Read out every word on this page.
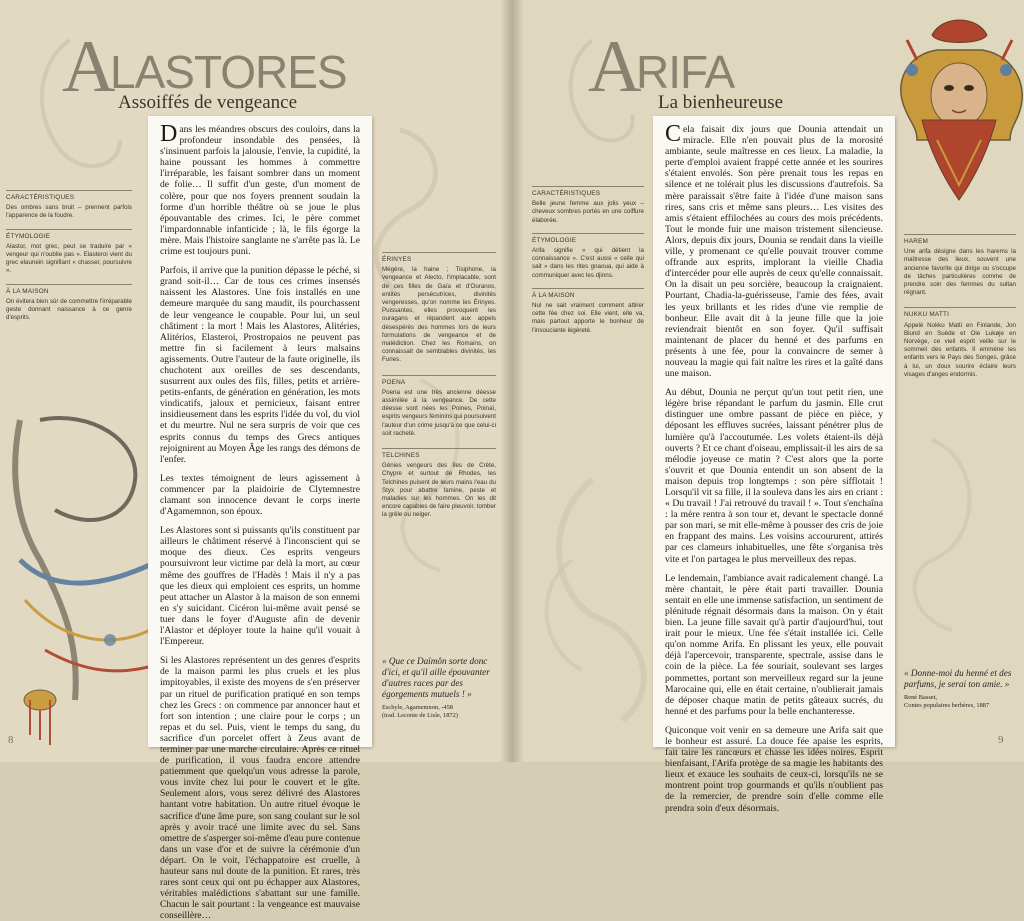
A
LASTORES
Assoiffés de vengeance
CARACTÉRISTIQUES
Des ombres sans bruit – prennent parfois l'apparence de la foudre.
ÉTYMOLOGIE
Alastor, mot grec, peut se traduire par « vengeur qui n'oublie pas ». Elasteroi vient du grec elaunein signifiant « chasser, poursuivre ».
À LA MAISON
On évitera bien sûr de commettre l'irréparable geste donnant naissance à ce genre d'esprits.

Dans les méandres obscurs des couloirs, dans la profondeur insondable des pensées, là s'insinuent parfois la jalousie, l'envie, la cupidité, la haine poussant les hommes à commettre l'irréparable, les faisant sombrer dans un moment de folie… Il suffit d'un geste, d'un moment de colère, pour que nos foyers prennent soudain la forme d'un horrible théâtre où se joue le plus épouvantable des crimes. Ici, le père commet l'impardonnable infanticide ; là, le fils égorge la mère. Mais l'histoire sanglante ne s'arrête pas là. Le crime est toujours puni.

Parfois, il arrive que la punition dépasse le péché, si grand soit-il… Car de tous ces crimes insensés naissent les Alastores. Une fois installés en une demeure marquée du sang maudit, ils pourchassent de leur vengeance le coupable. Pour lui, un seul châtiment : la mort ! Mais les Alastores, Alitéries, Alitérios, Elasteroi, Prostropaios ne peuvent pas mettre fin si facilement à leurs malsains agissements. Outre l'auteur de la faute originelle, ils chuchotent aux oreilles de ses descendants, susurrent aux oules des fils, filles, petits et arrière-petits-enfants, de génération en génération, les mots vindicatifs, jaloux et pernicieux, faisant entrer insidieusement dans les esprits l'idée du vol, du viol et du meurtre. Nul ne sera surpris de voir que ces esprits connus du temps des Grecs antiques rejoignirent au Moyen Âge les rangs des démons de l'enfer.

Les textes témoignent de leurs agissement à commencer par la plaidoirie de Clytemnestre clamant son innocence devant le corps inerte d'Agamemnon, son époux.

Les Alastores sont si puissants qu'ils constituent par ailleurs le châtiment réservé à l'inconscient qui se moque des dieux. Ces esprits vengeurs poursuivront leur victime par delà la mort, au cœur même des gouffres de l'Hadès ! Mais il n'y a pas que les dieux qui emploient ces esprits, un homme peut attacher un Alastor à la maison de son ennemi en s'y suicidant. Cicéron lui-même avait pensé se tuer dans le foyer d'Auguste afin de devenir l'Alastor et déployer toute la haine qu'il vouait à l'Empereur.

Si les Alastores représentent un des genres d'esprits de la maison parmi les plus cruels et les plus impitoyables, il existe des moyens de s'en préserver par un rituel de purification pratiqué en son temps chez les Grecs : on commence par annoncer haut et fort son intention ; une claire pour le corps ; un repas et du sel. Puis, vient le temps du sang, du sacrifice d'un porcelet offert à Zeus avant de terminer par une marche circulaire. Après ce rituel de purification, il vous faudra encore attendre patiemment que quelqu'un vous adresse la parole, vous invite chez lui pour le couvert et le gîte. Seulement alors, vous serez délivré des Alastores hantant votre habitation. Un autre rituel évoque le sacrifice d'une âme pure, son sang coulant sur le sol après y avoir tracé une limite avec du sel. Sans omettre de s'asperger soi-même d'eau pure contenue dans un vase d'or et de suivre la cérémonie d'un départ. On le voit, l'échappatoire est cruelle, à hauteur sans nul doute de la punition. Et rares, très rares sont ceux qui ont pu échapper aux Alastores, véritables malédictions s'abattant sur une famille. Chacun le sait pourtant : la vengeance est mauvaise conseillère…

ÉRINYES
Mégère, la haine ; Tisiphone, la vengeance et Alecto, l'implacable, sont de ces filles de Gaïa et d'Ouranos, entités persécutrices, divinités vengeresses, qu'on nomme les Érinyes. Puissantes, elles provoquent les ouragans et répandent aux appels désespérés des hommes lors de leurs formulations de vengeance et de malédiction. Chez les Romains, on connaissait de semblables divinités, les Furies.
POENA
Poena est une très ancienne déesse assimilée à la vengeance. De cette déesse sont nées les Poines, Poinaï, esprits vengeurs féminins qui poursuivent l'auteur d'un crime jusqu'à ce que celui-ci soit rachetè.
TELCHINES
Génies vengeurs des îles de Crète, Chypre et surtout de Rhodes, les Telchines puisent de leurs mains l'eau du Styx pour abattre famine, peste et maladies sur les hommes. On les dit encore capables de faire pleuvoir, tomber la grêle ou neiger.
« Que ce Daïmôn sorte donc d'ici, et qu'il aille épouvanter d'autres races par des égorgements mutuels ! »
Eschyle, Agamemnon, -458
(trad. Leconte de Lisle, 1872)
8
A
RIFA
La bienheureuse
CARACTÉRISTIQUES
Belle jeune femme aux jolis yeux – cheveux sombres portés en une coiffure élaborée.
ÉTYMOLOGIE
Arifa signifie « qui détient la connaissance ». C'est aussi « celle qui sait » dans les rites gnaoua, qui aide à communiquer avec les djinns.
À LA MAISON
Nul ne sait vraiment comment attirer cette fée chez soi. Elle vient, elle va, mais partout apporte le bonheur de l'insouciante légèreté.

Cela faisait dix jours que Dounia attendait un miracle. Elle n'en pouvait plus de la morosité ambiante, seule maîtresse en ces lieux. La maladie, la perte d'emploi avaient frappé cette année et les sourires s'étaient envolés. Son père prenait tous les repas en silence et ne tolérait plus les discussions d'autrefois. Sa mère paraissait s'être faite à l'idée d'une maison sans rires, sans cris et même sans pleurs… Les visites des amis s'étaient effilochées au cours des mois précédents. Tout le monde fuir une maison tristement silencieuse. Alors, depuis dix jours, Dounia se rendait dans la vieille ville, y promenant ce qu'elle pouvait trouver comme offrande aux esprits, implorant la vieille Chadia d'intercéder pour elle auprès de ceux qu'elle connaissait. On la disait un peu sorcière, beaucoup la craignaient. Pourtant, Chadia-la-guérisseuse, l'amie des fées, avait les yeux brillants et les rides d'une vie remplie de bonheur. Elle avait dit à la jeune fille que la joie reviendrait bientôt en son foyer. Qu'il suffisait maintenant de placer du henné et des parfums en présents à une fée, pour la convaincre de semer à nouveau la magie qui fait naître les rires et la gaîté dans une maison.

Au début, Dounia ne perçut qu'un tout petit rien, une légère brise répandant le parfum du jasmin. Elle crut distinguer une ombre passant de pièce en pièce, y déposant les effluves sucrées, laissant pénétrer plus de lumière qu'à l'accoutumée. Les volets étaient-ils déjà ouverts ? Et ce chant d'oiseau, emplissait-il les airs de sa mélodie joyeuse ce matin ? C'est alors que la porte s'ouvrit et que Dounia entendit un son absent de la maison depuis trop longtemps : son père sifflotait ! Lorsqu'il vit sa fille, il la souleva dans les airs en criant : « Du travail ! J'ai retrouvé du travail ! ». Tout s'enchaîna : la mère rentra à son tour et, devant le spectacle donné par son mari, se mit elle-même à pousser des cris de joie en frappant des mains. Les voisins accoururent, attirés par ces clameurs inhabituelles, une fête s'organisa très vite et l'on partagea le plus merveilleux des repas.

Le lendemain, l'ambiance avait radicalement changé. La mère chantait, le père était parti travailler. Dounia sentait en elle une immense satisfaction, un sentiment de plénitude régnait désormais dans la maison. On y était bien. La jeune fille savait qu'à partir d'aujourd'hui, tout irait pour le mieux. Une fée s'était installée ici. Celle qu'on nomme Arifa. En plissant les yeux, elle pouvait déjà l'apercevoir, transparente, spectrale, assise dans le coin de la pièce. La fée souriait, soulevant ses larges pommettes, portant son merveilleux regard sur la jeune Marocaine qui, elle en était certaine, n'oublierait jamais de déposer chaque matin de petits gâteaux sucrés, du henné et des parfums pour la belle enchanteresse.

Quiconque voit venir en sa demeure une Arifa sait que le bonheur est assuré. La douce fée apaise les esprits, fait taire les rancœurs et chasse les idées noires. Esprit bienfaisant, l'Arifa protège de sa magie les habitants des lieux et exauce les souhaits de ceux-ci, lorsqu'ils ne se montrent point trop gourmands et qu'ils n'oublient pas de la remercier, de prendre soin d'elle comme elle prendra soin d'eux désormais.

HAREM
Une arifa désigne dans les harems la maîtresse des lieux, souvent une ancienne favorite qui dirige ou s'occupe de tâches particulières comme de prendre soin des femmes du sultan régnant.
NUKKU MATTI
Appelé Nokku Matti en Finlande, Jon Blund en Suède et Ole Lukøje en Norvège, ce vieil esprit veille sur le sommeil des enfants. Il emmène les enfants vers le Pays des Songes, grâce à lui, un doux sourire éclaire leurs visages d'anges endormis.
« Donne-moi du henné et des parfums, je serai ton amie. »
René Basset,
Contes populaires berbères, 1887
9
